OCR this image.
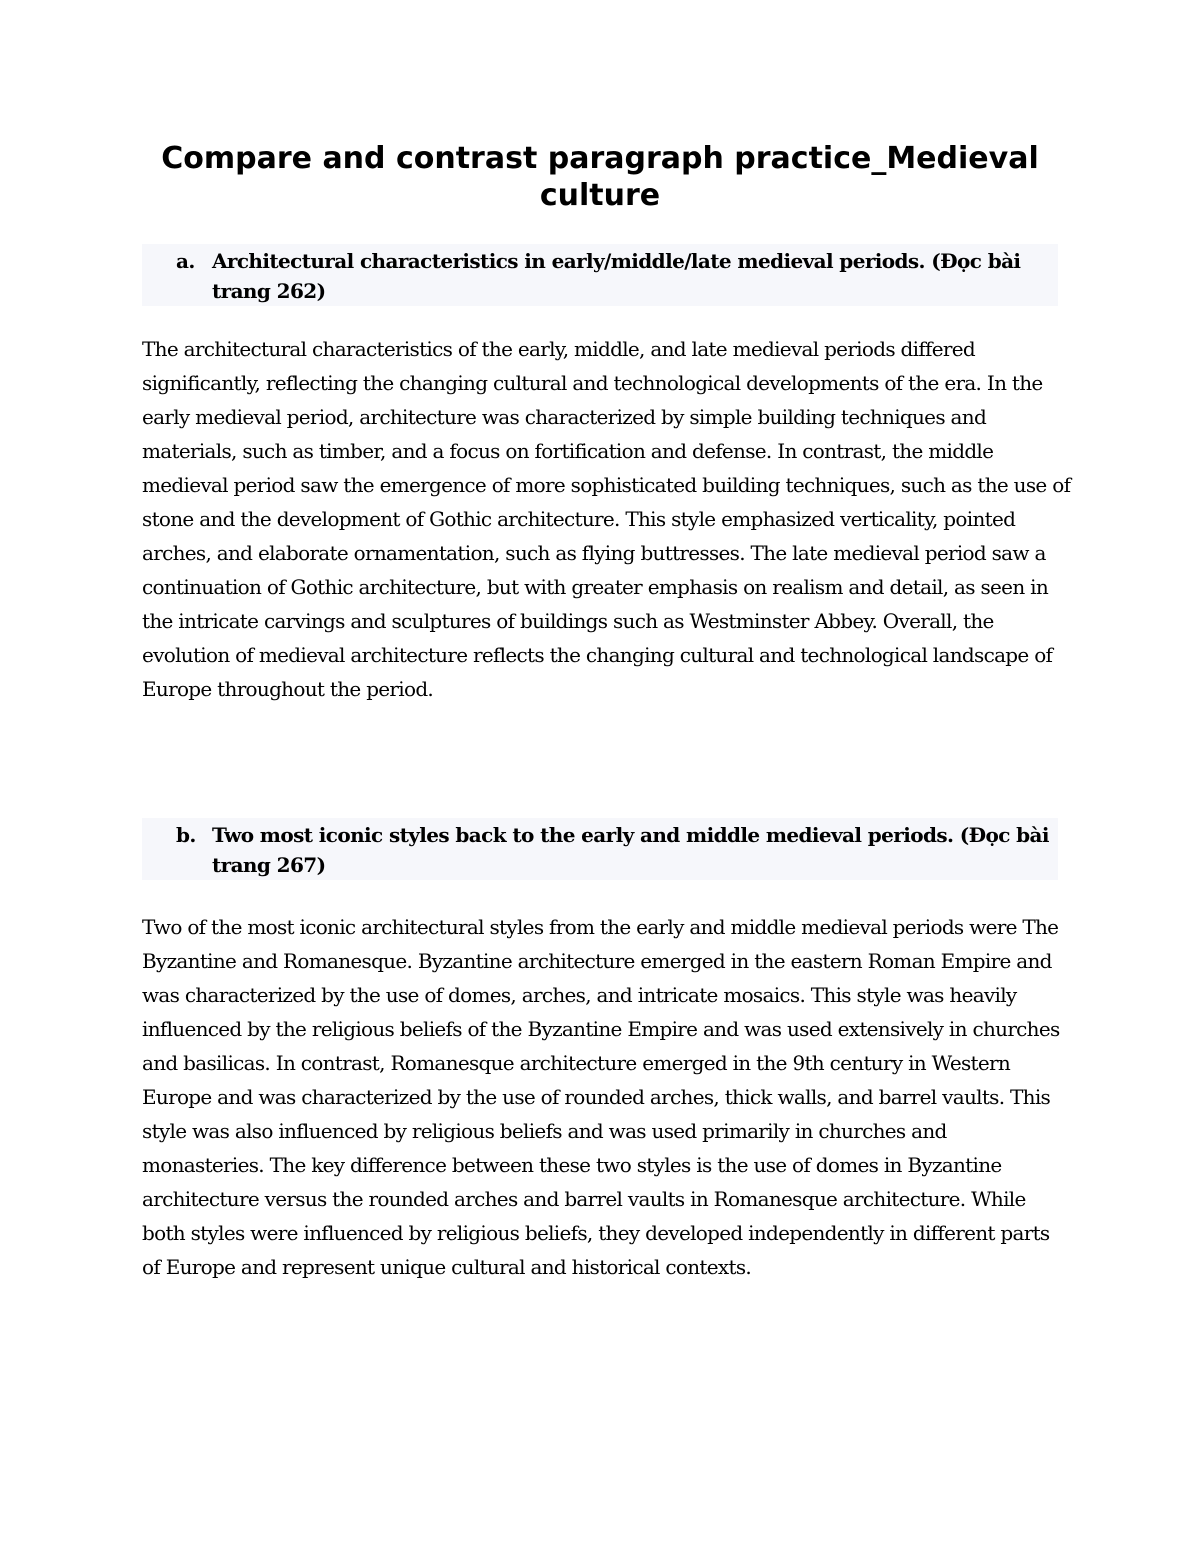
Compare and contrast paragraph practice_Medieval culture
a. Architectural characteristics in early/middle/late medieval periods. (Đọc bài trang 262)

The architectural characteristics of the early, middle, and late medieval periods differed significantly, reflecting the changing cultural and technological developments of the era. In the early medieval period, architecture was characterized by simple building techniques and materials, such as timber, and a focus on fortification and defense. In contrast, the middle medieval period saw the emergence of more sophisticated building techniques, such as the use of stone and the development of Gothic architecture. This style emphasized verticality, pointed arches, and elaborate ornamentation, such as flying buttresses. The late medieval period saw a continuation of Gothic architecture, but with greater emphasis on realism and detail, as seen in the intricate carvings and sculptures of buildings such as Westminster Abbey. Overall, the evolution of medieval architecture reflects the changing cultural and technological landscape of Europe throughout the period.

b. Two most iconic styles back to the early and middle medieval periods. (Đọc bài trang 267)

Two of the most iconic architectural styles from the early and middle medieval periods were The Byzantine and Romanesque. Byzantine architecture emerged in the eastern Roman Empire and was characterized by the use of domes, arches, and intricate mosaics. This style was heavily influenced by the religious beliefs of the Byzantine Empire and was used extensively in churches and basilicas. In contrast, Romanesque architecture emerged in the 9th century in Western Europe and was characterized by the use of rounded arches, thick walls, and barrel vaults. This style was also influenced by religious beliefs and was used primarily in churches and monasteries. The key difference between these two styles is the use of domes in Byzantine architecture versus the rounded arches and barrel vaults in Romanesque architecture. While both styles were influenced by religious beliefs, they developed independently in different parts of Europe and represent unique cultural and historical contexts.
